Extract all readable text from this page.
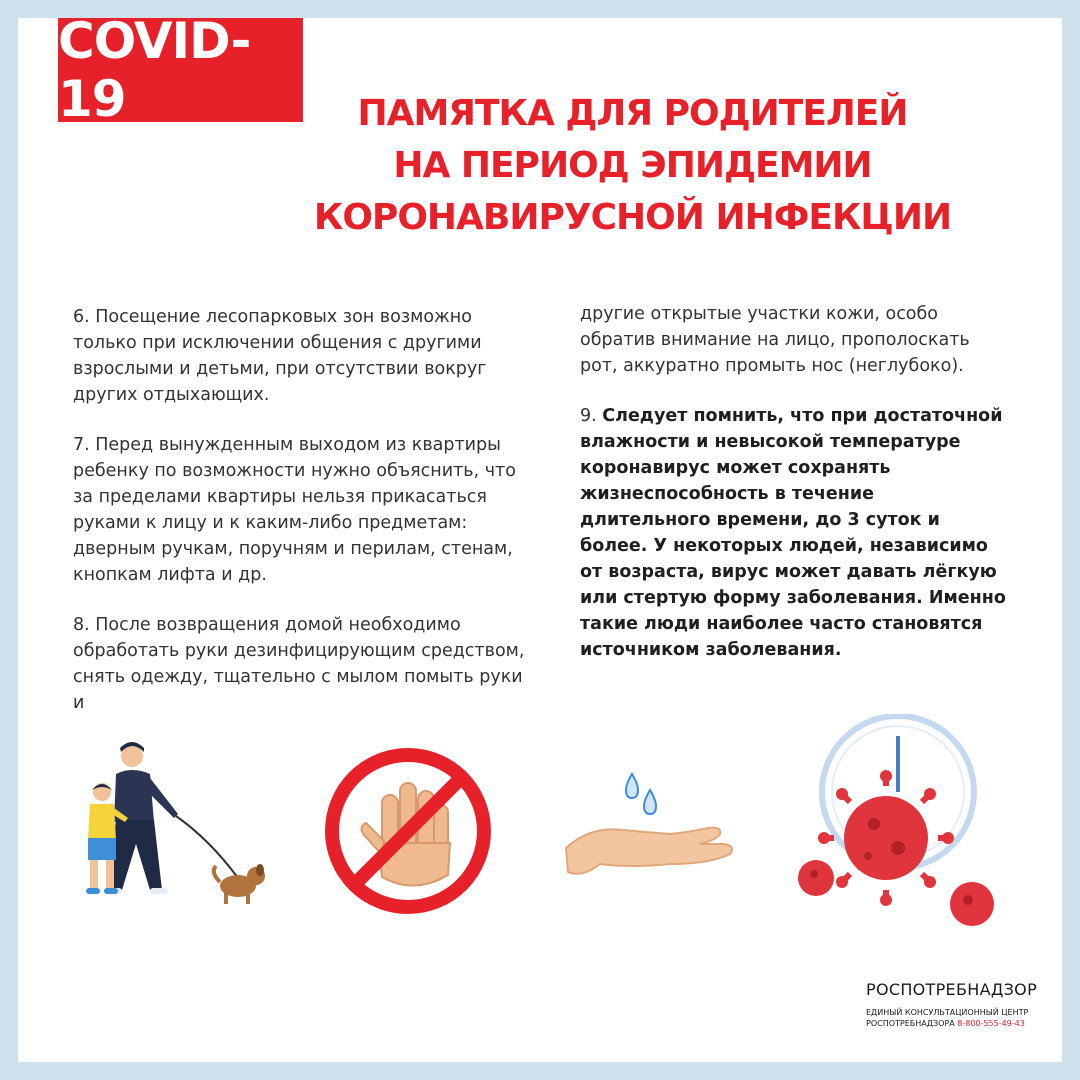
COVID-19	ПАМЯТКА ДЛЯ РОДИТЕЛЕЙ
НА ПЕРИОД ЭПИДЕМИИ
КОРОНАВИРУСНОЙ ИНФЕКЦИИ

6. Посещение лесопарковых зон возможно только при исключении общения с другими взрослыми и детьми, при отсутствии вокруг других отдыхающих.

7. Перед вынужденным выходом из квартиры ребенку по возможности нужно объяснить, что за пределами квартиры нельзя прикасаться руками к лицу и к каким-либо предметам: дверным ручкам, поручням и перилам, стенам, кнопкам лифта и др.

8. После возвращения домой необходимо обработать руки дезинфицирующим средством, снять одежду, тщательно с мылом помыть руки и

другие открытые участки кожи, особо обратив внимание на лицо, прополоскать рот, аккуратно промыть нос (неглубоко).

9. Следует помнить, что при достаточной влажности и невысокой температуре коронавирус может сохранять жизнеспособность в течение длительного времени, до 3 суток и более. У некоторых людей, независимо от возраста, вирус может давать лёгкую или стертую форму заболевания. Именно такие люди наиболее часто становятся источником заболевания.

РОСПОТРЕБНАДЗОР
ЕДИНЫЙ КОНСУЛЬТАЦИОННЫЙ ЦЕНТР
РОСПОТРЕБНАДЗОРА 8-800-555-49-43
